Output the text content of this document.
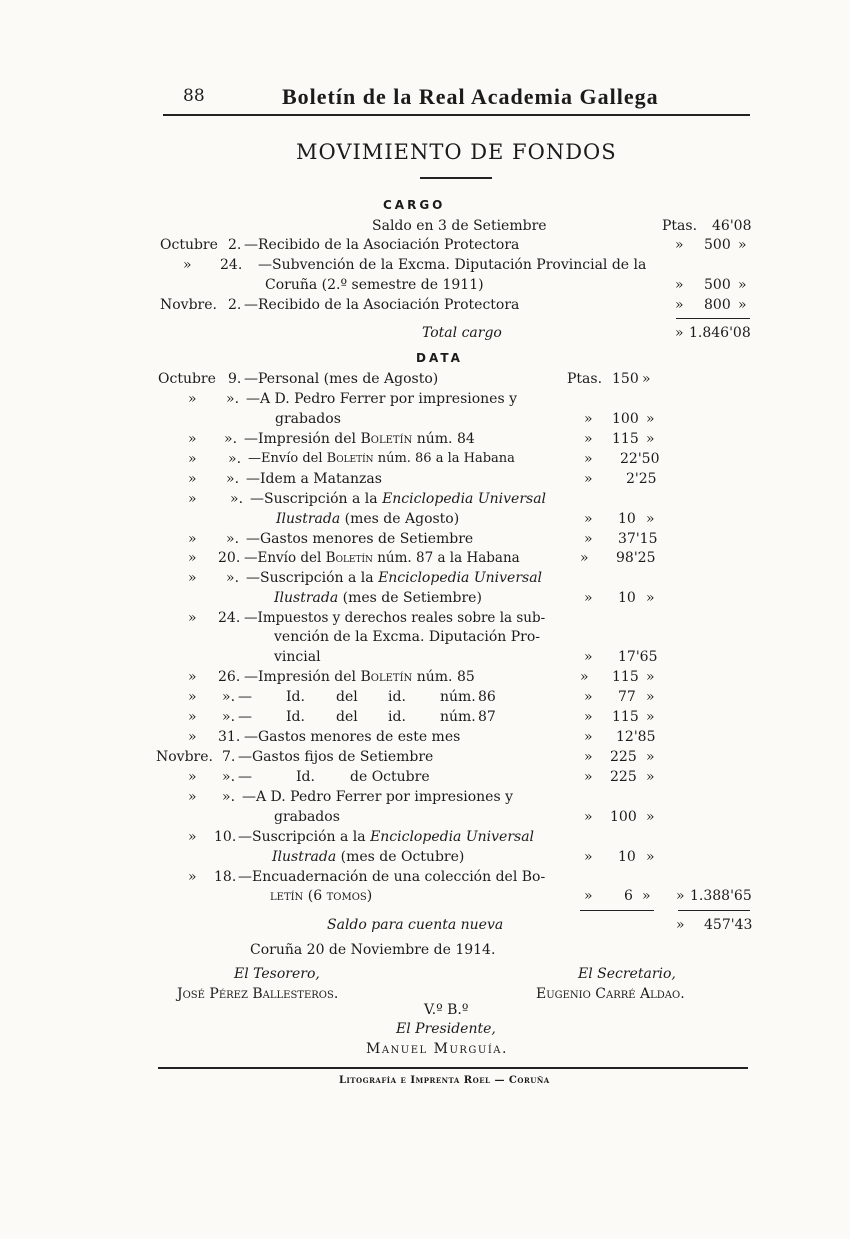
88	Boletín de la Real Academia Gallega
MOVIMIENTO DE FONDOS
CARGO
Saldo en 3 de Setiembre	Ptas. 46'08
Octubre 2. —Recibido de la Asociación Protectora	» 500 »
» 24. —Subvención de la Excma. Diputación Provincial de la
Coruña (2.º semestre de 1911)	» 500 »
Novbre. 2. —Recibido de la Asociación Protectora	» 800 »
Total cargo	» 1.846'08
DATA
Octubre 9. —Personal (mes de Agosto)	Ptas. 150 »
» ». —A D. Pedro Ferrer por impresiones y
grabados	» 100 »
» ». —Impresión del Boletín núm. 84	» 115 »
» ». —Envío del Boletín núm. 86 a la Habana	» 22'50
» ». —Idem a Matanzas	» 2'25
» ». —Suscripción a la Enciclopedia Universal
Ilustrada (mes de Agosto)	» 10 »
» ». —Gastos menores de Setiembre	» 37'15
» 20. —Envío del Boletín núm. 87 a la Habana	» 98'25
» ». —Suscripción a la Enciclopedia Universal
Ilustrada (mes de Setiembre)	» 10 »
» 24. —Impuestos y derechos reales sobre la sub-
vención de la Excma. Diputación Pro-
vincial	» 17'65
» 26. —Impresión del Boletín núm. 85	» 115 »
» ». — Id. del id. núm. 86	» 77 »
» ». — Id. del id. núm. 87	» 115 »
» 31. —Gastos menores de este mes	» 12'85
Novbre. 7. —Gastos fijos de Setiembre	» 225 »
» ». —	Id.	de Octubre	» 225 »
» ». —A D. Pedro Ferrer por impresiones y
grabados	» 100 »
» 10. —Suscripción a la Enciclopedia Universal
Ilustrada (mes de Octubre)	» 10 »
» 18. —Encuadernación de una colección del Bo-
letín (6 tomos)	» 6 » » 1.388'65
Saldo para cuenta nueva	» 457'43
Coruña 20 de Noviembre de 1914.
El Tesorero,	El Secretario,
José Pérez Ballesteros.	Eugenio Carré Aldao.
V.º B.º
El Presidente,
Manuel Murguía.
Litografía e Imprenta Roel — Coruña
